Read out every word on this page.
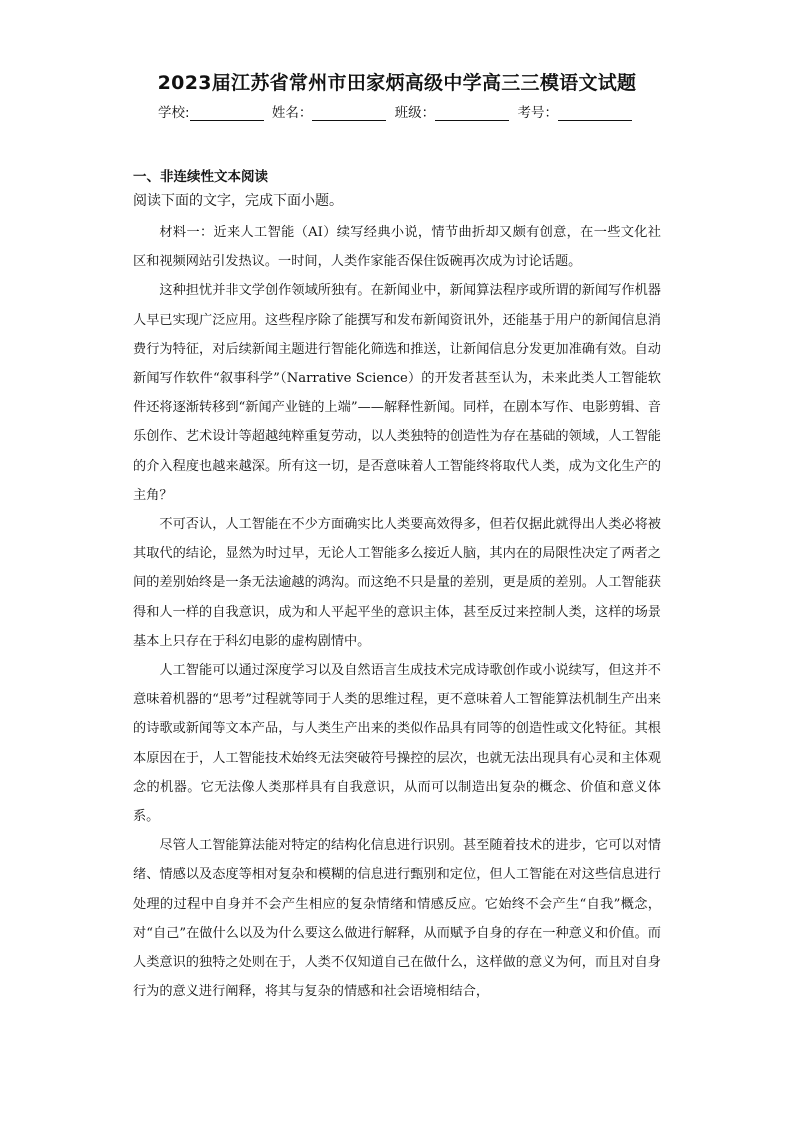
2023届江苏省常州市田家炳高级中学高三三模语文试题
学校:	姓名：	班级：	考号：
一、非连续性文本阅读
阅读下面的文字，完成下面小题。

材料一：近来人工智能（AI）续写经典小说，情节曲折却又颇有创意，在一些文化社区和视频网站引发热议。一时间，人类作家能否保住饭碗再次成为讨论话题。

这种担忧并非文学创作领域所独有。在新闻业中，新闻算法程序或所谓的新闻写作机器人早已实现广泛应用。这些程序除了能撰写和发布新闻资讯外，还能基于用户的新闻信息消费行为特征，对后续新闻主题进行智能化筛选和推送，让新闻信息分发更加准确有效。自动新闻写作软件“叙事科学”（Narrative Science）的开发者甚至认为，未来此类人工智能软件还将逐渐转移到“新闻产业链的上端”——解释性新闻。同样，在剧本写作、电影剪辑、音乐创作、艺术设计等超越纯粹重复劳动，以人类独特的创造性为存在基础的领域，人工智能的介入程度也越来越深。所有这一切，是否意味着人工智能终将取代人类，成为文化生产的主角？

不可否认，人工智能在不少方面确实比人类要高效得多，但若仅据此就得出人类必将被其取代的结论，显然为时过早，无论人工智能多么接近人脑，其内在的局限性决定了两者之间的差别始终是一条无法逾越的鸿沟。而这绝不只是量的差别，更是质的差别。人工智能获得和人一样的自我意识，成为和人平起平坐的意识主体，甚至反过来控制人类，这样的场景基本上只存在于科幻电影的虚构剧情中。

人工智能可以通过深度学习以及自然语言生成技术完成诗歌创作或小说续写，但这并不意味着机器的“思考”过程就等同于人类的思维过程，更不意味着人工智能算法机制生产出来的诗歌或新闻等文本产品，与人类生产出来的类似作品具有同等的创造性或文化特征。其根本原因在于，人工智能技术始终无法突破符号操控的层次，也就无法出现具有心灵和主体观念的机器。它无法像人类那样具有自我意识，从而可以制造出复杂的概念、价值和意义体系。

尽管人工智能算法能对特定的结构化信息进行识别。甚至随着技术的进步，它可以对情绪、情感以及态度等相对复杂和模糊的信息进行甄别和定位，但人工智能在对这些信息进行处理的过程中自身并不会产生相应的复杂情绪和情感反应。它始终不会产生“自我”概念，对“自己”在做什么以及为什么要这么做进行解释，从而赋予自身的存在一种意义和价值。而人类意识的独特之处则在于，人类不仅知道自己在做什么，这样做的意义为何，而且对自身行为的意义进行阐释，将其与复杂的情感和社会语境相结合，
